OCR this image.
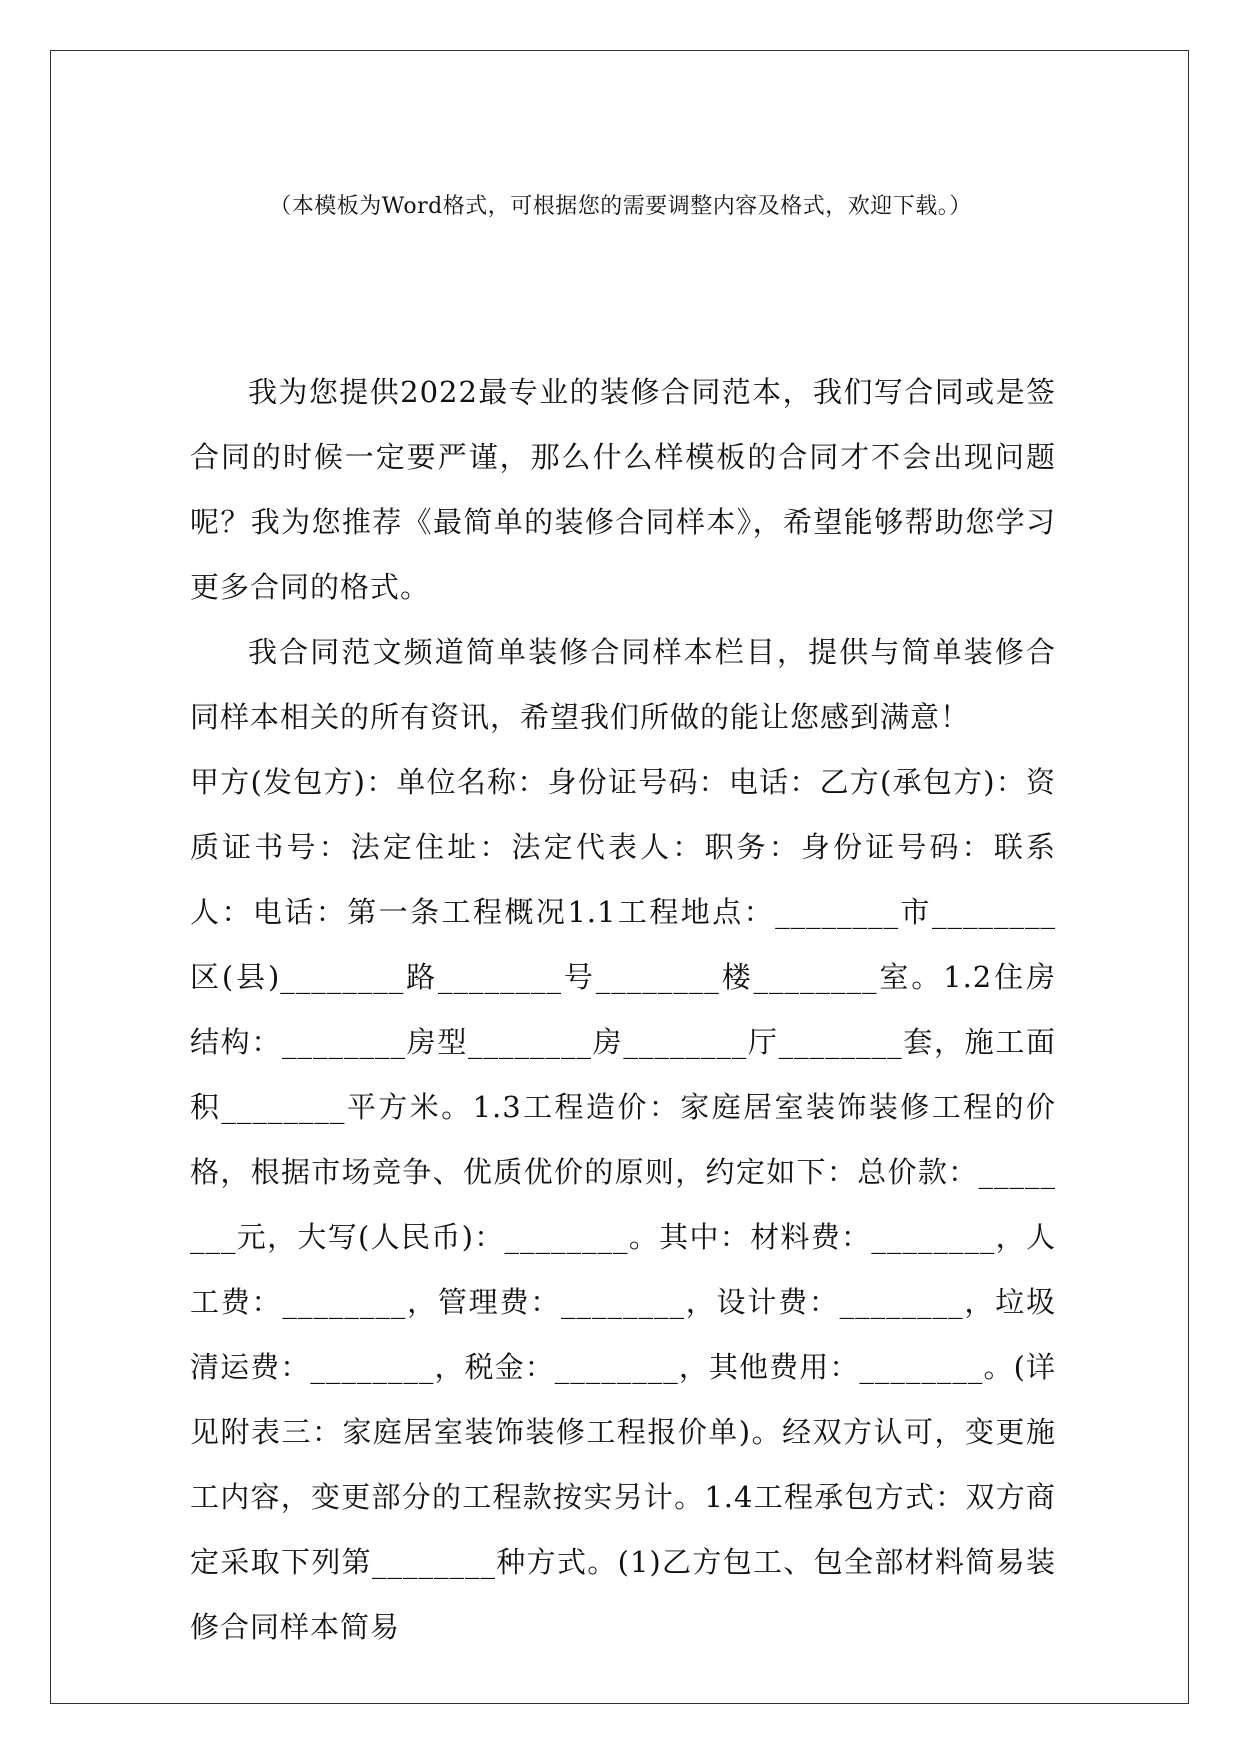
（本模板为Word格式，可根据您的需要调整内容及格式，欢迎下载。）

我为您提供2022最专业的装修合同范本，我们写合同或是签合同的时候一定要严谨，那么什么样模板的合同才不会出现问题呢？我为您推荐《最简单的装修合同样本》，希望能够帮助您学习更多合同的格式。

我合同范文频道简单装修合同样本栏目，提供与简单装修合同样本相关的所有资讯，希望我们所做的能让您感到满意！

甲方(发包方)：单位名称：身份证号码：电话：乙方(承包方)：资质证书号：法定住址：法定代表人：职务：身份证号码：联系人：电话：第一条工程概况1.1工程地点：________市________区(县)________路________号________楼________室。1.2住房结构：________房型________房________厅________套，施工面积________平方米。1.3工程造价：家庭居室装饰装修工程的价格，根据市场竞争、优质优价的原则，约定如下：总价款：________元，大写(人民币)：________。其中：材料费：________，人工费：________，管理费：________，设计费：________，垃圾清运费：________，税金：________，其他费用：________。(详见附表三：家庭居室装饰装修工程报价单)。经双方认可，变更施工内容，变更部分的工程款按实另计。1.4工程承包方式：双方商定采取下列第________种方式。(1)乙方包工、包全部材料简易装修合同样本简易
